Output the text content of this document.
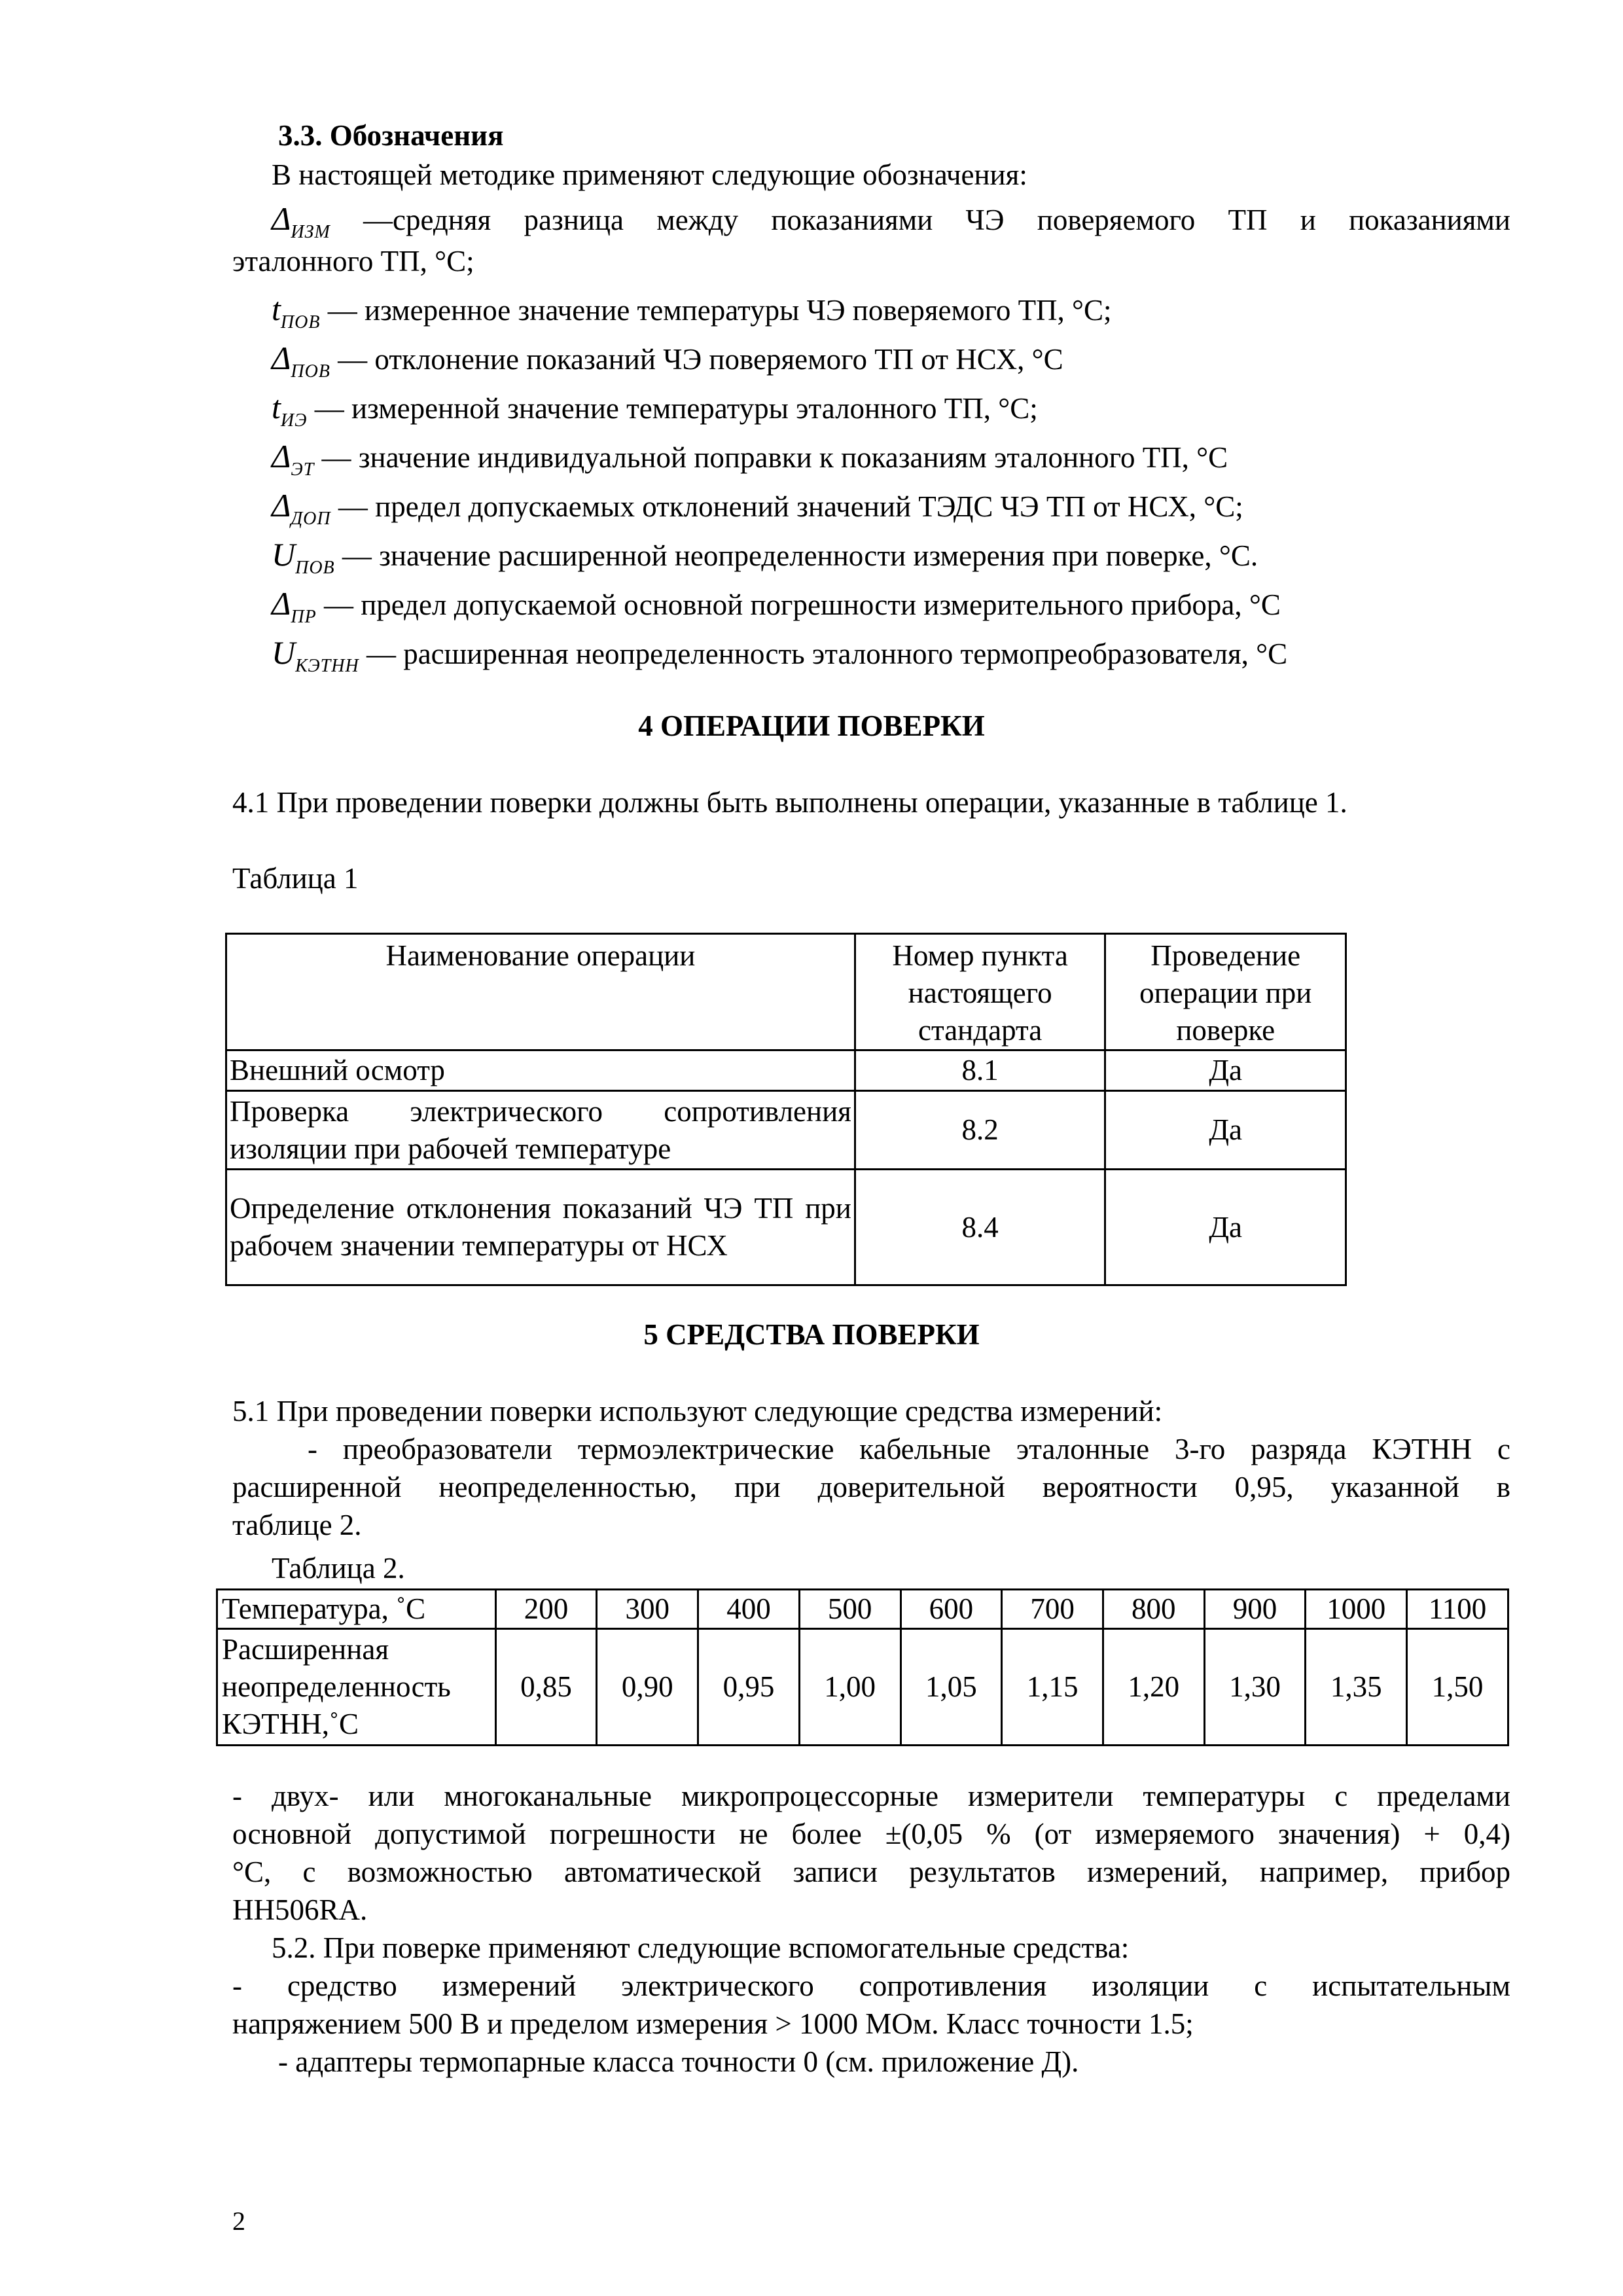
3.3. Обозначения
В настоящей методике применяют следующие обозначения:
$\Delta_{ИЗМ}$ —средняя разница между показаниями ЧЭ поверяемого ТП и показаниями
эталонного ТП, °С;
$t_{ПОВ}$ — измеренное значение температуры ЧЭ поверяемого ТП, °С;
$\Delta_{ПОВ}$ — отклонение показаний ЧЭ поверяемого ТП от НСХ, °С
$t_{ИЭ}$ — измеренной значение температуры эталонного ТП, °С;
$\Delta_{ЭТ}$ — значение индивидуальной поправки к показаниям эталонного ТП, °С
$\Delta_{ДОП}$ — предел допускаемых отклонений значений ТЭДС ЧЭ ТП от НСХ, °С;
$U_{ПОВ}$ — значение расширенной неопределенности измерения при поверке, °С.
$\Delta_{ПР}$ — предел допускаемой основной погрешности измерительного прибора, °С
$U_{КЭТНН}$ — расширенная неопределенность эталонного термопреобразователя, °С
4 ОПЕРАЦИИ ПОВЕРКИ
4.1 При проведении поверки должны быть выполнены операции, указанные в таблице 1.
Таблица 1
Наименование операции	Номер пункта настоящего стандарта	Проведение операции при поверке
Внешний осмотр	8.1	Да
Проверка электрического сопротивления изоляции при рабочей температуре	8.2	Да
Определение отклонения показаний ЧЭ ТП при рабочем значении температуры от НСХ	8.4	Да
5 СРЕДСТВА ПОВЕРКИ
5.1 При проведении поверки используют следующие средства измерений:
- преобразователи термоэлектрические кабельные эталонные 3-го разряда КЭТНН с
расширенной неопределенностью, при доверительной вероятности 0,95, указанной в
таблице 2.
Таблица 2.
Температура, ˚С	200	300	400	500	600	700	800	900	1000	1100
Расширенная
неопределенность
КЭТНН,˚С	0,85	0,90	0,95	1,00	1,05	1,15	1,20	1,30	1,35	1,50
- двух- или многоканальные микропроцессорные измерители температуры с пределами
основной допустимой погрешности не более ±(0,05 % (от измеряемого значения) + 0,4)
°С, с возможностью автоматической записи результатов измерений, например, прибор
НН506RA.
5.2. При поверке применяют следующие вспомогательные средства:
- средство измерений электрического сопротивления изоляции с испытательным
напряжением 500 В и пределом измерения > 1000 МОм. Класс точности 1.5;
- адаптеры термопарные класса точности 0 (см. приложение Д).
2
